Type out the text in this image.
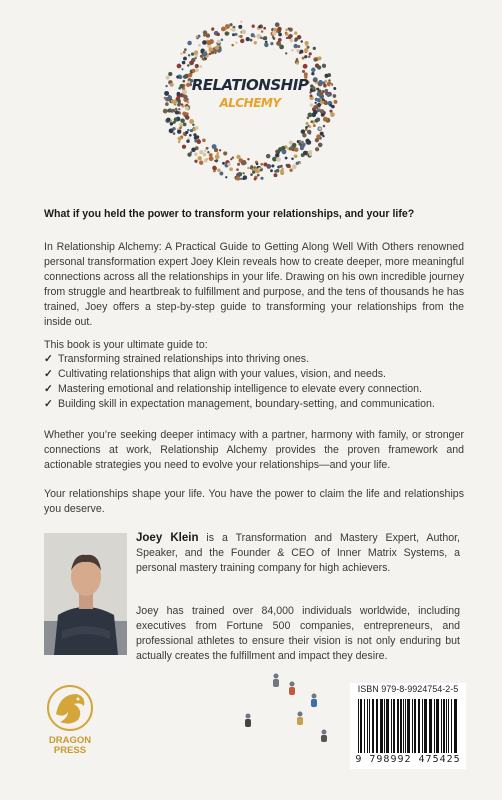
RELATIONSHIP
ALCHEMY
What if you held the power to transform your relationships, and your life?
In Relationship Alchemy: A Practical Guide to Getting Along Well With Others renowned personal transformation expert Joey Klein reveals how to create deeper, more meaningful connections across all the relationships in your life. Drawing on his own incredible journey from struggle and heartbreak to fulfillment and purpose, and the tens of thousands he has trained, Joey offers a step-by-step guide to transforming your relationships from the inside out.
This book is your ultimate guide to:
✓ Transforming strained relationships into thriving ones.
✓ Cultivating relationships that align with your values, vision, and needs.
✓ Mastering emotional and relationship intelligence to elevate every connection.
✓ Building skill in expectation management, boundary-setting, and communication.
Whether you’re seeking deeper intimacy with a partner, harmony with family, or stronger connections at work, Relationship Alchemy provides the proven framework and actionable strategies you need to evolve your relationships—and your life.
Your relationships shape your life. You have the power to claim the life and relationships you deserve.
Joey Klein is a Transformation and Mastery Expert, Author, Speaker, and the Founder & CEO of Inner Matrix Systems, a personal mastery training company for high achievers.
Joey has trained over 84,000 individuals worldwide, including executives from Fortune 500 companies, entrepreneurs, and professional athletes to ensure their vision is not only enduring but actually creates the fulfillment and impact they desire.
DRAGON
PRESS
ISBN 979-8-9924754-2-5
9 798992 475425
